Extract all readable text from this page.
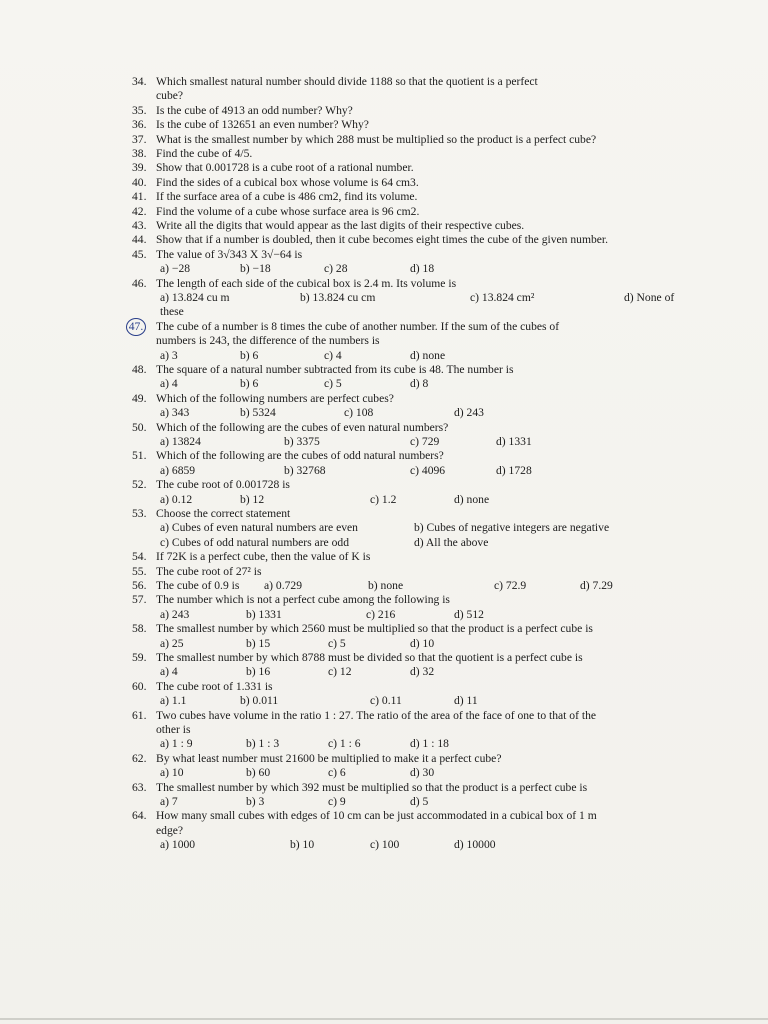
34. Which smallest natural number should divide 1188 so that the quotient is a perfect
cube?
35. Is the cube of 4913 an odd number? Why?
36. Is the cube of 132651 an even number? Why?
37. What is the smallest number by which 288 must be multiplied so the product is a perfect cube?
38. Find the cube of 4/5.
39. Show that 0.001728 is a cube root of a rational number.
40. Find the sides of a cubical box whose volume is 64 cm3.
41. If the surface area of a cube is 486 cm2, find its volume.
42. Find the volume of a cube whose surface area is 96 cm2.
43. Write all the digits that would appear as the last digits of their respective cubes.
44. Show that if a number is doubled, then it cube becomes eight times the cube of the given number.
45. The value of 3√343 X 3√−64 is
a) −28	b) −18	c) 28	d) 18
46. The length of each side of the cubical box is 2.4 m. Its volume is
a) 13.824 cu m	b) 13.824 cu cm	c) 13.824 cm²	d) None of
these
47. The cube of a number is 8 times the cube of another number. If the sum of the cubes of
numbers is 243, the difference of the numbers is
a) 3	b) 6	c) 4	d) none
48. The square of a natural number subtracted from its cube is 48. The number is
a) 4	b) 6	c) 5	d) 8
49. Which of the following numbers are perfect cubes?
a) 343	b) 5324	c) 108	d) 243
50. Which of the following are the cubes of even natural numbers?
a) 13824	b) 3375	c) 729	d) 1331
51. Which of the following are the cubes of odd natural numbers?
a) 6859	b) 32768	c) 4096	d) 1728
52. The cube root of 0.001728 is
a) 0.12	b) 12	c) 1.2	d) none
53. Choose the correct statement
a) Cubes of even natural numbers are even	b) Cubes of negative integers are negative
c) Cubes of odd natural numbers are odd	d) All the above
54. If 72K is a perfect cube, then the value of K is
55. The cube root of 27² is
56. The cube of 0.9 is a) 0.729	b) none	c) 72.9	d) 7.29
57. The number which is not a perfect cube among the following is
a) 243	b) 1331	c) 216	d) 512
58. The smallest number by which 2560 must be multiplied so that the product is a perfect cube is
a) 25	b) 15	c) 5	d) 10
59. The smallest number by which 8788 must be divided so that the quotient is a perfect cube is
a) 4	b) 16	c) 12	d) 32
60. The cube root of 1.331 is
a) 1.1	b) 0.011	c) 0.11	d) 11
61. Two cubes have volume in the ratio 1 : 27. The ratio of the area of the face of one to that of the
other is
a) 1 : 9	b) 1 : 3	c) 1 : 6	d) 1 : 18
62. By what least number must 21600 be multiplied to make it a perfect cube?
a) 10	b) 60	c) 6	d) 30
63. The smallest number by which 392 must be multiplied so that the product is a perfect cube is
a) 7	b) 3	c) 9	d) 5
64. How many small cubes with edges of 10 cm can be just accommodated in a cubical box of 1 m
edge?
a) 1000	b) 10	c) 100	d) 10000
